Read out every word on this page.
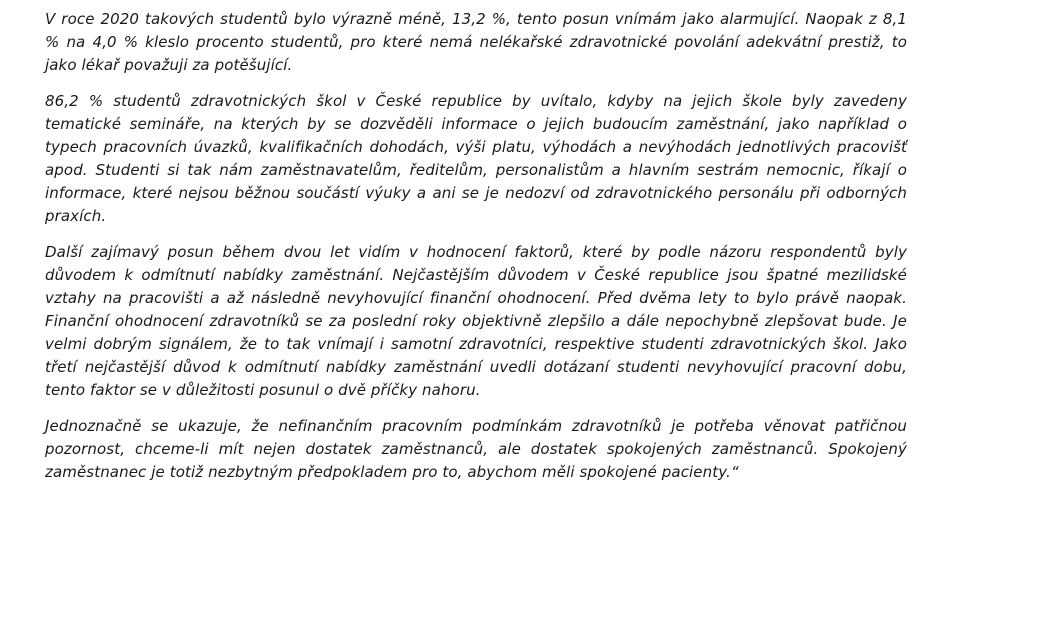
V roce 2020 takových studentů bylo výrazně méně, 13,2 %, tento posun vnímám jako alarmující. Naopak z 8,1 % na 4,0 % kleslo procento studentů, pro které nemá nelékařské zdravotnické povolání adekvátní prestiž, to jako lékař považuji za potěšující.

86,2 % studentů zdravotnických škol v České republice by uvítalo, kdyby na jejich škole byly zavedeny tematické semináře, na kterých by se dozvěděli informace o jejich budoucím zaměstnání, jako například o typech pracovních úvazků, kvalifikačních dohodách, výši platu, výhodách a nevýhodách jednotlivých pracovišť apod. Studenti si tak nám zaměstnavatelům, ředitelům, personalistům a hlavním sestrám nemocnic, říkají o informace, které nejsou běžnou součástí výuky a ani se je nedozví od zdravotnického personálu při odborných praxích.

Další zajímavý posun během dvou let vidím v hodnocení faktorů, které by podle názoru respondentů byly důvodem k odmítnutí nabídky zaměstnání. Nejčastějším důvodem v České republice jsou špatné mezilidské vztahy na pracovišti a až následně nevyhovující finanční ohodnocení. Před dvěma lety to bylo právě naopak. Finanční ohodnocení zdravotníků se za poslední roky objektivně zlepšilo a dále nepochybně zlepšovat bude. Je velmi dobrým signálem, že to tak vnímají i samotní zdravotníci, respektive studenti zdravotnických škol. Jako třetí nejčastější důvod k odmítnutí nabídky zaměstnání uvedli dotázaní studenti nevyhovující pracovní dobu, tento faktor se v důležitosti posunul o dvě příčky nahoru.

Jednoznačně se ukazuje, že nefinančním pracovním podmínkám zdravotníků je potřeba věnovat patřičnou pozornost, chceme-li mít nejen dostatek zaměstnanců, ale dostatek spokojených zaměstnanců. Spokojený zaměstnanec je totiž nezbytným předpokladem pro to, abychom měli spokojené pacienty.“
